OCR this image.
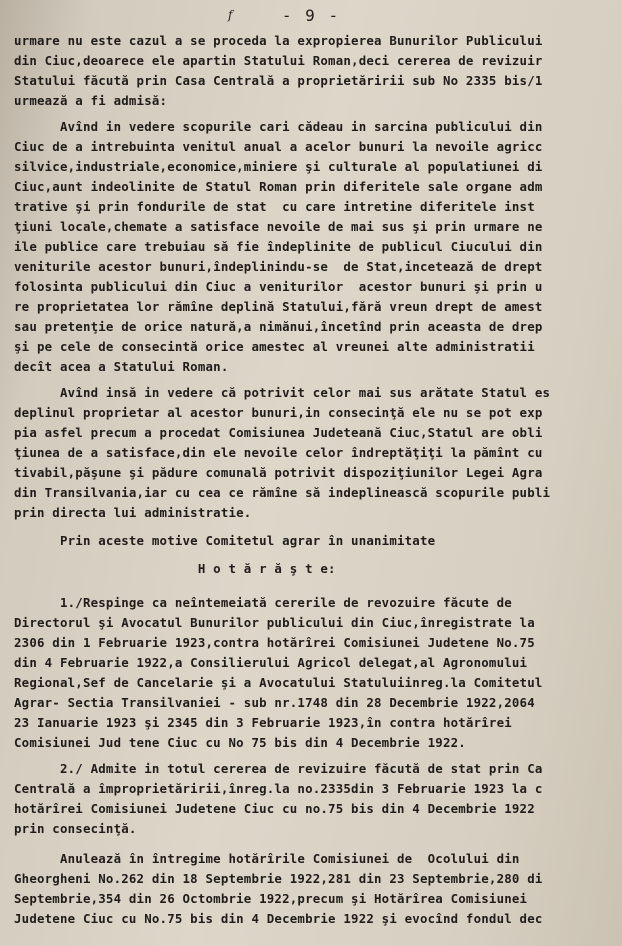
f	- 9 -
urmare nu este cazul a se proceda la expropierea Bunurilor Publicului
din Ciuc,deoarece ele apartin Statului Roman,deci cererea de revizuir
Statului făcută prin Casa Centrală a proprietăririi sub No 2335 bis/1
urmează a fi admisă:
Avînd in vedere scopurile cari cădeau in sarcina publicului din
Ciuc de a intrebuinta venitul anual a acelor bunuri la nevoile agricc
silvice,industriale,economice,miniere şi culturale al populatiunei di
Ciuc,aunt indeolinite de Statul Roman prin diferitele sale organe adm
trative şi prin fondurile de stat  cu care intretine diferitele inst
ţiuni locale,chemate a satisface nevoile de mai sus şi prin urmare ne
ile publice care trebuiau să fie îndeplinite de publicul Ciucului din
veniturile acestor bunuri,îndeplinindu-se  de Stat,incetează de drept
folosinta publicului din Ciuc a veniturilor  acestor bunuri şi prin u
re proprietatea lor rămîne deplină Statului,fără vreun drept de amest
sau pretenţie de orice natură,a nimănui,încetînd prin aceasta de drep
şi pe cele de consecintă orice amestec al vreunei alte administratii
decît acea a Statului Roman.
Avînd insă in vedere că potrivit celor mai sus arătate Statul es
deplinul proprietar al acestor bunuri,in consecinţă ele nu se pot exp
pia asfel precum a procedat Comisiunea Judeteană Ciuc,Statul are obli
ţiunea de a satisface,din ele nevoile celor îndreptăţiţi la pămînt cu
tivabil,păşune şi pădure comunală potrivit dispoziţiunilor Legei Agra
din Transilvania,iar cu cea ce rămîne să indeplinească scopurile publi
prin directa lui administratie.
Prin aceste motive Comitetul agrar în unanimitate
H o t ă r ă ş t e:
1./Respinge ca neîntemeiată cererile de revozuire făcute de
Directorul şi Avocatul Bunurilor publicului din Ciuc,înregistrate la
2306 din 1 Februarie 1923,contra hotărîrei Comisiunei Judetene No.75
din 4 Februarie 1922,a Consilierului Agricol delegat,al Agronomului
Regional,Sef de Cancelarie şi a Avocatului Statuluiinreg.la Comitetul
Agrar- Sectia Transilvaniei - sub nr.1748 din 28 Decembrie 1922,2064
23 Ianuarie 1923 şi 2345 din 3 Februarie 1923,în contra hotărîrei
Comisiunei Jud tene Ciuc cu No 75 bis din 4 Decembrie 1922.
2./ Admite in totul cererea de revizuire făcută de stat prin Ca
Centrală a împroprietăririi,înreg.la no.2335din 3 Februarie 1923 la c
hotărîrei Comisiunei Judetene Ciuc cu no.75 bis din 4 Decembrie 1922
prin consecinţă.
Anulează în întregime hotărîrile Comisiunei de  Ocolului din
Gheorgheni No.262 din 18 Septembrie 1922,281 din 23 Septembrie,280 di
Septembrie,354 din 26 Octombrie 1922,precum şi Hotărîrea Comisiunei
Judetene Ciuc cu No.75 bis din 4 Decembrie 1922 şi evocînd fondul dec
